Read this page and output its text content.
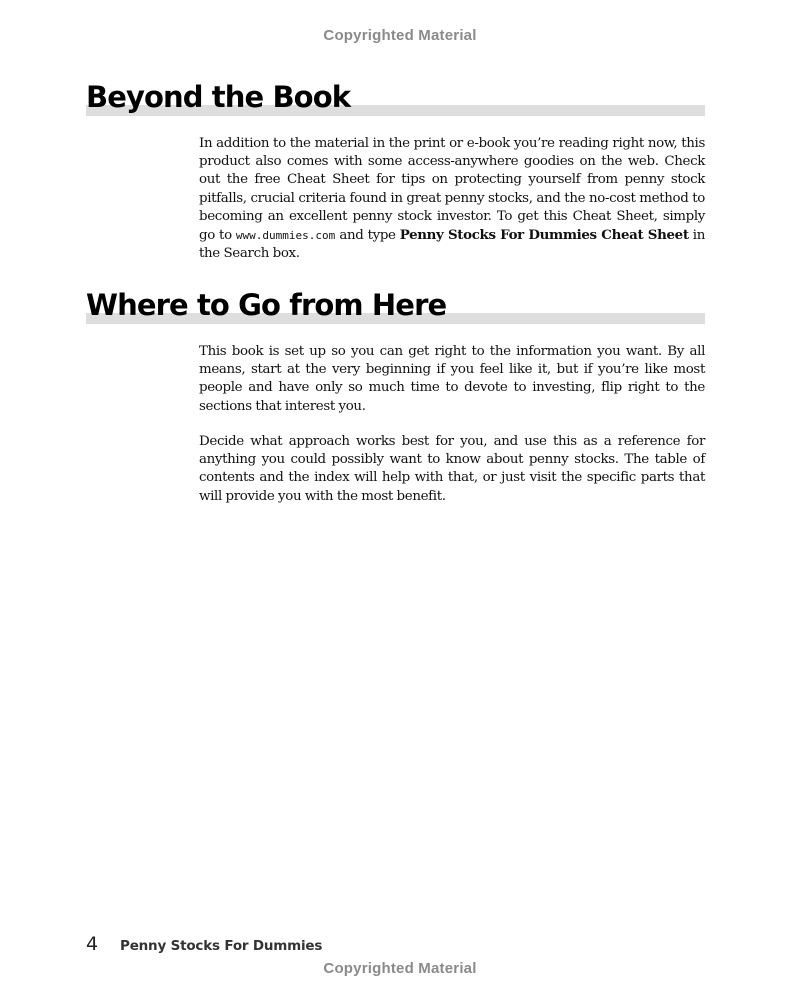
Copyrighted Material
Beyond the Book

In addition to the material in the print or e-book you’re reading right now, this product also comes with some access-anywhere goodies on the web. Check out the free Cheat Sheet for tips on protecting yourself from penny stock pitfalls, crucial criteria found in great penny stocks, and the no-cost method to becoming an excellent penny stock investor. To get this Cheat Sheet, simply go to www.dummies.com and type Penny Stocks For Dummies Cheat Sheet in the Search box.

Where to Go from Here

This book is set up so you can get right to the information you want. By all means, start at the very beginning if you feel like it, but if you’re like most people and have only so much time to devote to investing, flip right to the sections that interest you.

Decide what approach works best for you, and use this as a reference for anything you could possibly want to know about penny stocks. The table of contents and the index will help with that, or just visit the specific parts that will provide you with the most benefit.

4	Penny Stocks For Dummies
Copyrighted Material
